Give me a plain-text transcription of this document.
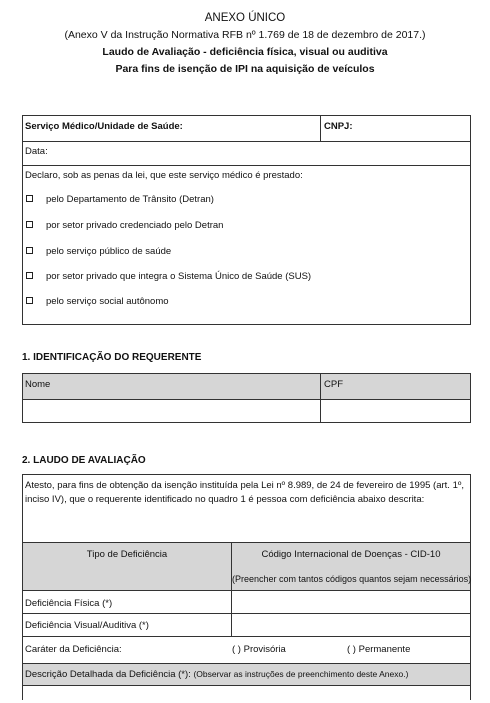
ANEXO ÚNICO
(Anexo V da Instrução Normativa RFB nº 1.769 de 18 de dezembro de 2017.)
Laudo de Avaliação - deficiência física, visual ou auditiva
Para fins de isenção de IPI na aquisição de veículos
Serviço Médico/Unidade de Saúde:	CNPJ:
Data:
Declaro, sob as penas da lei, que este serviço médico é prestado:
pelo Departamento de Trânsito (Detran)
por setor privado credenciado pelo Detran
pelo serviço público de saúde
por setor privado que integra o Sistema Único de Saúde (SUS)
pelo serviço social autônomo
1. IDENTIFICAÇÃO DO REQUERENTE
Nome	CPF
2. LAUDO DE AVALIAÇÃO
Atesto, para fins de obtenção da isenção instituída pela Lei nº 8.989, de 24 de fevereiro de 1995 (art. 1º, inciso IV), que o requerente identificado no quadro 1 é pessoa com deficiência abaixo descrita:
Tipo de Deficiência	Código Internacional de Doenças - CID-10
(Preencher com tantos códigos quantos sejam necessários)
Deficiência Física (*)
Deficiência Visual/Auditiva (*)
Caráter da Deficiência:	( ) Provisória	( ) Permanente
Descrição Detalhada da Deficiência (*): (Observar as instruções de preenchimento deste Anexo.)
